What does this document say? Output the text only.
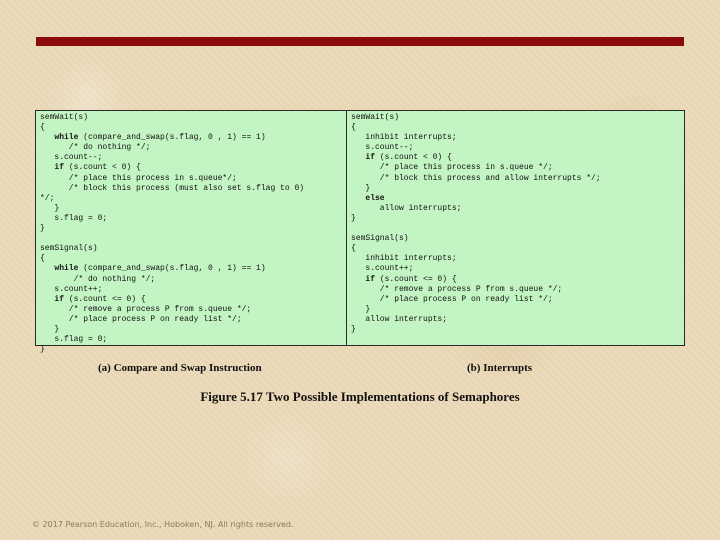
semWait(s)
{
while (compare_and_swap(s.flag, 0 , 1) == 1)
/* do nothing */;
s.count--;
if (s.count < 0) {
/* place this process in s.queue*/;
/* block this process (must also set s.flag to 0)
*/;
}
s.flag = 0;
}

semSignal(s)
{
while (compare_and_swap(s.flag, 0 , 1) == 1)
/* do nothing */;
s.count++;
if (s.count <= 0) {
/* remove a process P from s.queue */;
/* place process P on ready list */;
}
s.flag = 0;
}
semWait(s)
{
inhibit interrupts;
s.count--;
if (s.count < 0) {
/* place this process in s.queue */;
/* block this process and allow interrupts */;
}
else
allow interrupts;
}

semSignal(s)
{
inhibit interrupts;
s.count++;
if (s.count <= 0) {
/* remove a process P from s.queue */;
/* place process P on ready list */;
}
allow interrupts;
}
(a) Compare and Swap Instruction	(b) Interrupts
Figure 5.17 Two Possible Implementations of Semaphores
© 2017 Pearson Education, Inc., Hoboken, NJ. All rights reserved.
